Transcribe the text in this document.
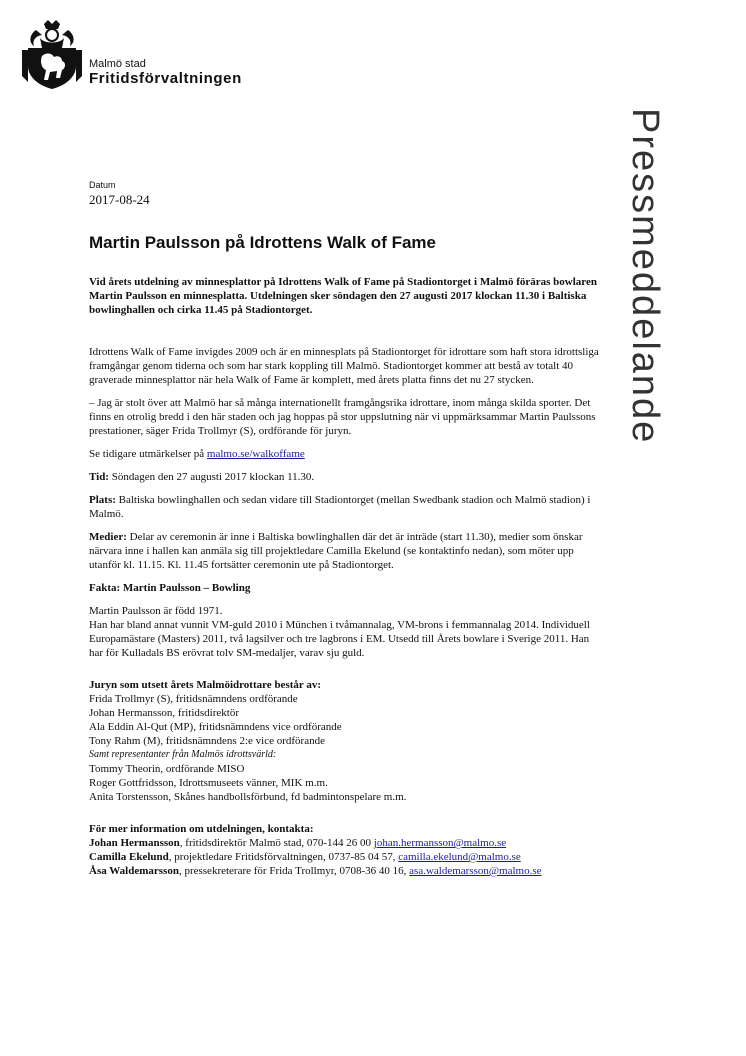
Malmö stad
Fritidsförvaltningen
Pressmeddelande
Datum
2017-08-24
Martin Paulsson på Idrottens Walk of Fame

Vid årets utdelning av minnesplattor på Idrottens Walk of Fame på Stadiontorget i Malmö föräras bowlaren Martin Paulsson en minnesplatta. Utdelningen sker söndagen den 27 augusti 2017 klockan 11.30 i Baltiska bowlinghallen och cirka 11.45 på Stadiontorget.

Idrottens Walk of Fame invigdes 2009 och är en minnesplats på Stadiontorget för idrottare som haft stora idrottsliga framgångar genom tiderna och som har stark koppling till Malmö. Stadiontorget kommer att bestå av totalt 40 graverade minnesplattor när hela Walk of Fame är komplett, med årets platta finns det nu 27 stycken.

– Jag är stolt över att Malmö har så många internationellt framgångsrika idrottare, inom många skilda sporter. Det finns en otrolig bredd i den här staden och jag hoppas på stor uppslutning när vi uppmärksammar Martin Paulssons prestationer, säger Frida Trollmyr (S), ordförande för juryn.

Se tidigare utmärkelser på malmo.se/walkoffame

Tid: Söndagen den 27 augusti 2017 klockan 11.30.

Plats: Baltiska bowlinghallen och sedan vidare till Stadiontorget (mellan Swedbank stadion och Malmö stadion) i Malmö.

Medier: Delar av ceremonin är inne i Baltiska bowlinghallen där det är inträde (start 11.30), medier som önskar närvara inne i hallen kan anmäla sig till projektledare Camilla Ekelund (se kontaktinfo nedan), som möter upp utanför kl. 11.15. Kl. 11.45 fortsätter ceremonin ute på Stadiontorget.

Fakta: Martin Paulsson – Bowling

Martin Paulsson är född 1971.

Han har bland annat vunnit VM-guld 2010 i München i tvåmannalag, VM-brons i femmannalag 2014. Individuell Europamästare (Masters) 2011, två lagsilver och tre lagbrons i EM. Utsedd till Årets bowlare i Sverige 2011. Han har för Kulladals BS erövrat tolv SM-medaljer, varav sju guld.

Juryn som utsett årets Malmöidrottare består av:
Frida Trollmyr (S), fritidsnämndens ordförande
Johan Hermansson, fritidsdirektör
Ala Eddin Al-Qut (MP), fritidsnämndens vice ordförande
Tony Rahm (M), fritidsnämndens 2:e vice ordförande
Samt representanter från Malmös idrottsvärld:
Tommy Theorin, ordförande MISO
Roger Gottfridsson, Idrottsmuseets vänner, MIK m.m.
Anita Torstensson, Skånes handbollsförbund, fd badmintonspelare m.m.
För mer information om utdelningen, kontakta:
Johan Hermansson, fritidsdirektör Malmö stad, 070-144 26 00 johan.hermansson@malmo.se
Camilla Ekelund, projektledare Fritidsförvaltningen, 0737-85 04 57, camilla.ekelund@malmo.se
Åsa Waldemarsson, pressekreterare för Frida Trollmyr, 0708-36 40 16, asa.waldemarsson@malmo.se
